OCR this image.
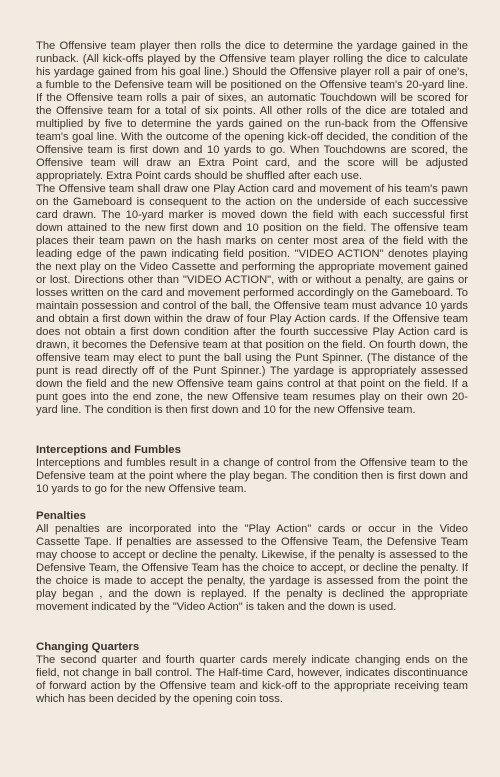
The Offensive team player then rolls the dice to determine the yardage gained in the runback. (All kick-offs played by the Offensive team player rolling the dice to calculate his yardage gained from his goal line.) Should the Offensive player roll a pair of one's, a fumble to the Defensive team will be positioned on the Offensive team's 20-yard line. If the Offensive team rolls a pair of sixes, an automatic Touchdown will be scored for the Offensive team for a total of six points. All other rolls of the dice are totaled and multiplied by five to determine the yards gained on the run-back from the Offensive team's goal line. With the outcome of the opening kick-off decided, the condition of the Offensive team is first down and 10 yards to go. When Touchdowns are scored, the Offensive team will draw an Extra Point card, and the score will be adjusted appropriately. Extra Point cards should be shuffled after each use.

The Offensive team shall draw one Play Action card and movement of his team's pawn on the Gameboard is consequent to the action on the underside of each successive card drawn. The 10-yard marker is moved down the field with each successful first down attained to the new first down and 10 position on the field. The offensive team places their team pawn on the hash marks on center most area of the field with the leading edge of the pawn indicating field position. "VIDEO ACTION" denotes playing the next play on the Video Cassette and performing the appropriate movement gained or lost. Directions other than "VIDEO ACTION", with or without a penalty, are gains or losses written on the card and movement performed accordingly on the Gameboard. To maintain possession and control of the ball, the Offensive team must advance 10 yards and obtain a first down within the draw of four Play Action cards. If the Offensive team does not obtain a first down condition after the fourth successive Play Action card is drawn, it becomes the Defensive team at that position on the field. On fourth down, the offensive team may elect to punt the ball using the Punt Spinner. (The distance of the punt is read directly off of the Punt Spinner.) The yardage is appropriately assessed down the field and the new Offensive team gains control at that point on the field. If a punt goes into the end zone, the new Offensive team resumes play on their own 20-yard line. The condition is then first down and 10 for the new Offensive team.

Interceptions and Fumbles

Interceptions and fumbles result in a change of control from the Offensive team to the Defensive team at the point where the play began. The condition then is first down and 10 yards to go for the new Offensive team.

Penalties

All penalties are incorporated into the "Play Action" cards or occur in the Video Cassette Tape. If penalties are assessed to the Offensive Team, the Defensive Team may choose to accept or decline the penalty. Likewise, if the penalty is assessed to the Defensive Team, the Offensive Team has the choice to accept, or decline the penalty. If the choice is made to accept the penalty, the yardage is assessed from the point the play began , and the down is replayed. If the penalty is declined the appropriate movement indicated by the "Video Action" is taken and the down is used.

Changing Quarters

The second quarter and fourth quarter cards merely indicate changing ends on the field, not change in ball control. The Half-time Card, however, indicates discontinuance of forward action by the Offensive team and kick-off to the appropriate receiving team which has been decided by the opening coin toss.
